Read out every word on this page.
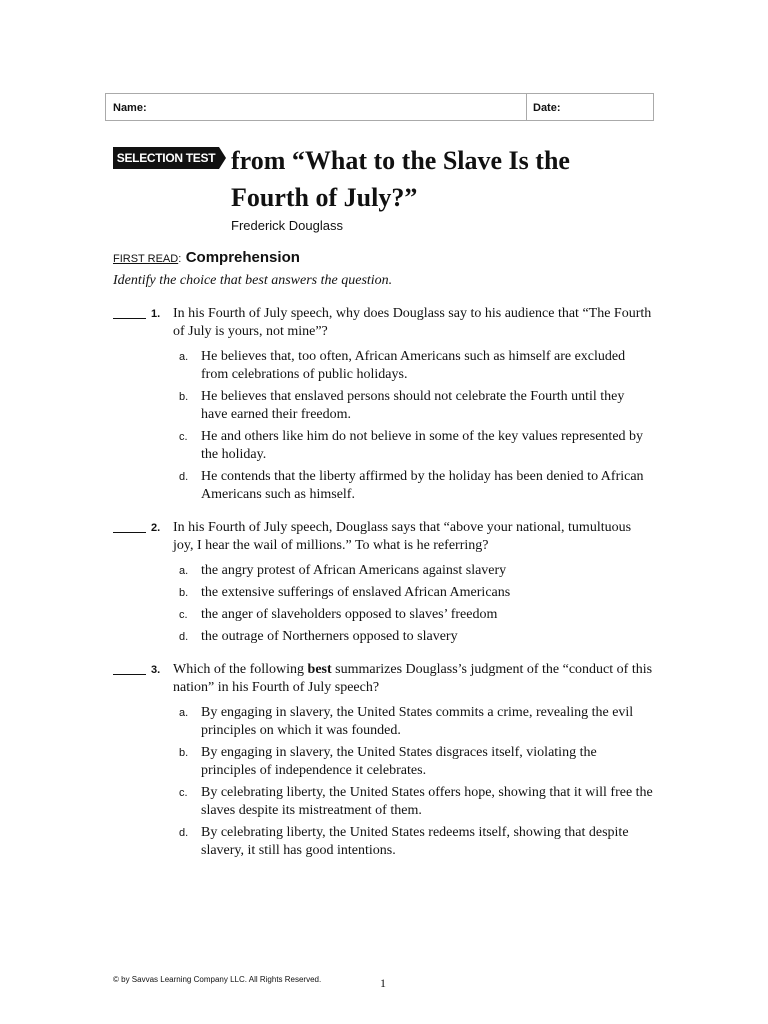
Name:	Date:
SELECTION TEST from “What to the Slave Is the Fourth of July?”
Frederick Douglass
FIRST READ: Comprehension
Identify the choice that best answers the question.
1. In his Fourth of July speech, why does Douglass say to his audience that “The Fourth of July is yours, not mine”?
a. He believes that, too often, African Americans such as himself are excluded from celebrations of public holidays.
b. He believes that enslaved persons should not celebrate the Fourth until they have earned their freedom.
c. He and others like him do not believe in some of the key values represented by the holiday.
d. He contends that the liberty affirmed by the holiday has been denied to African Americans such as himself.
2. In his Fourth of July speech, Douglass says that “above your national, tumultuous joy, I hear the wail of millions.” To what is he referring?
a. the angry protest of African Americans against slavery
b. the extensive sufferings of enslaved African Americans
c. the anger of slaveholders opposed to slaves’ freedom
d. the outrage of Northerners opposed to slavery
3. Which of the following best summarizes Douglass’s judgment of the “conduct of this nation” in his Fourth of July speech?
a. By engaging in slavery, the United States commits a crime, revealing the evil principles on which it was founded.
b. By engaging in slavery, the United States disgraces itself, violating the principles of independence it celebrates.
c. By celebrating liberty, the United States offers hope, showing that it will free the slaves despite its mistreatment of them.
d. By celebrating liberty, the United States redeems itself, showing that despite slavery, it still has good intentions.
© by Savvas Learning Company LLC. All Rights Reserved.	1
